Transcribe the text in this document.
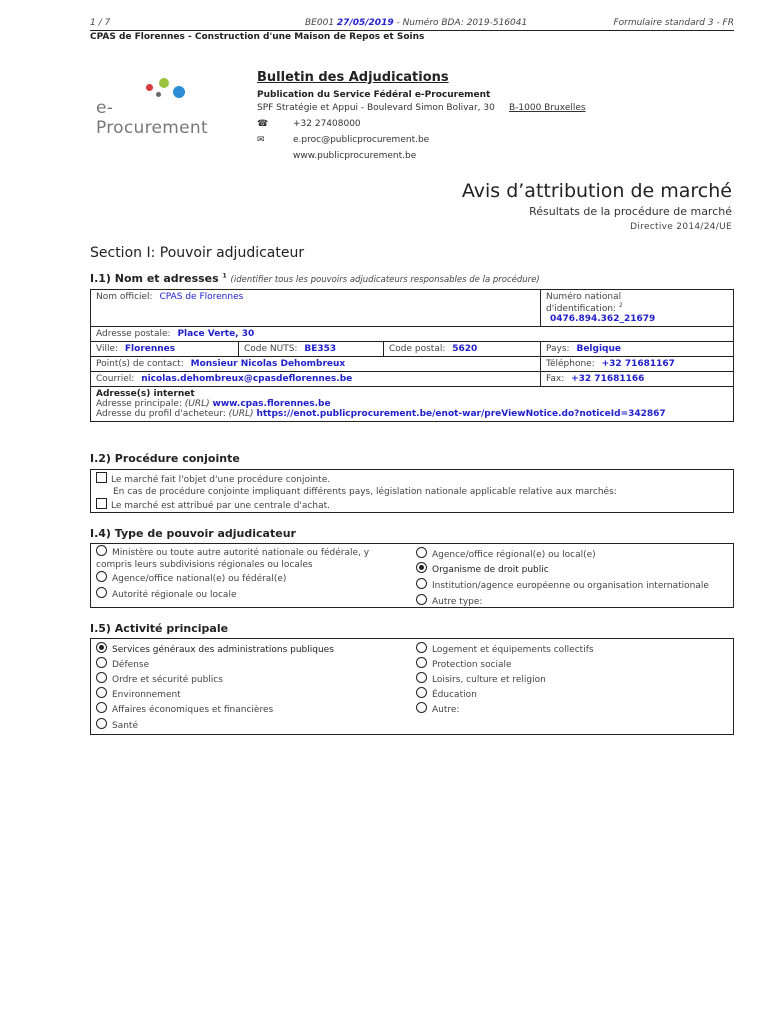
1 / 7	BE001 27/05/2019 - Numéro BDA: 2019-516041	Formulaire standard 3 - FR
CPAS de Florennes - Construction d'une Maison de Repos et Soins
e-Procurement
Bulletin des Adjudications
Publication du Service Fédéral e-Procurement
SPF Stratégie et Appui - Boulevard Simon Bolivar, 30 B-1000 Bruxelles
☎	+32 27408000
✉	e.proc@publicprocurement.be
www.publicprocurement.be
Avis d’attribution de marché
Résultats de la procédure de marché
Directive 2014/24/UE
Section I: Pouvoir adjudicateur
I.1) Nom et adresses $^1$ (identifier tous les pouvoirs adjudicateurs responsables de la procédure)
Nom officiel: CPAS de Florennes			Numéro national
d'identification: $^2$ 0476.894.362_21679

Adresse postale: Place Verte, 30			
Ville: Florennes	Code NUTS: BE353	Code postal: 5620	Pays: Belgique
Point(s) de contact: Monsieur Nicolas Dehombreux			Téléphone: +32 71681167
Courriel: nicolas.dehombreux@cpasdeflorennes.be			Fax: +32 71681166

Adresse(s) internet
Adresse principale: (URL) www.cpas.florennes.be
Adresse du profil d'acheteur: (URL) https://enot.publicprocurement.be/enot-war/preViewNotice.do?noticeId=342867			
I.2) Procédure conjointe
Le marché fait l'objet d'une procédure conjointe.
En cas de procédure conjointe impliquant différents pays, législation nationale applicable relative aux marchés:
Le marché est attribué par une centrale d'achat.
I.4) Type de pouvoir adjudicateur
Ministère ou toute autre autorité nationale ou fédérale, y compris leurs subdivisions régionales ou locales
Agence/office national(e) ou fédéral(e)
Autorité régionale ou locale
Agence/office régional(e) ou local(e)
Organisme de droit public
Institution/agence européenne ou organisation internationale
Autre type:
I.5) Activité principale
Services généraux des administrations publiques
Défense
Ordre et sécurité publics
Environnement
Affaires économiques et financières
Santé
Logement et équipements collectifs
Protection sociale
Loisirs, culture et religion
Éducation
Autre:
